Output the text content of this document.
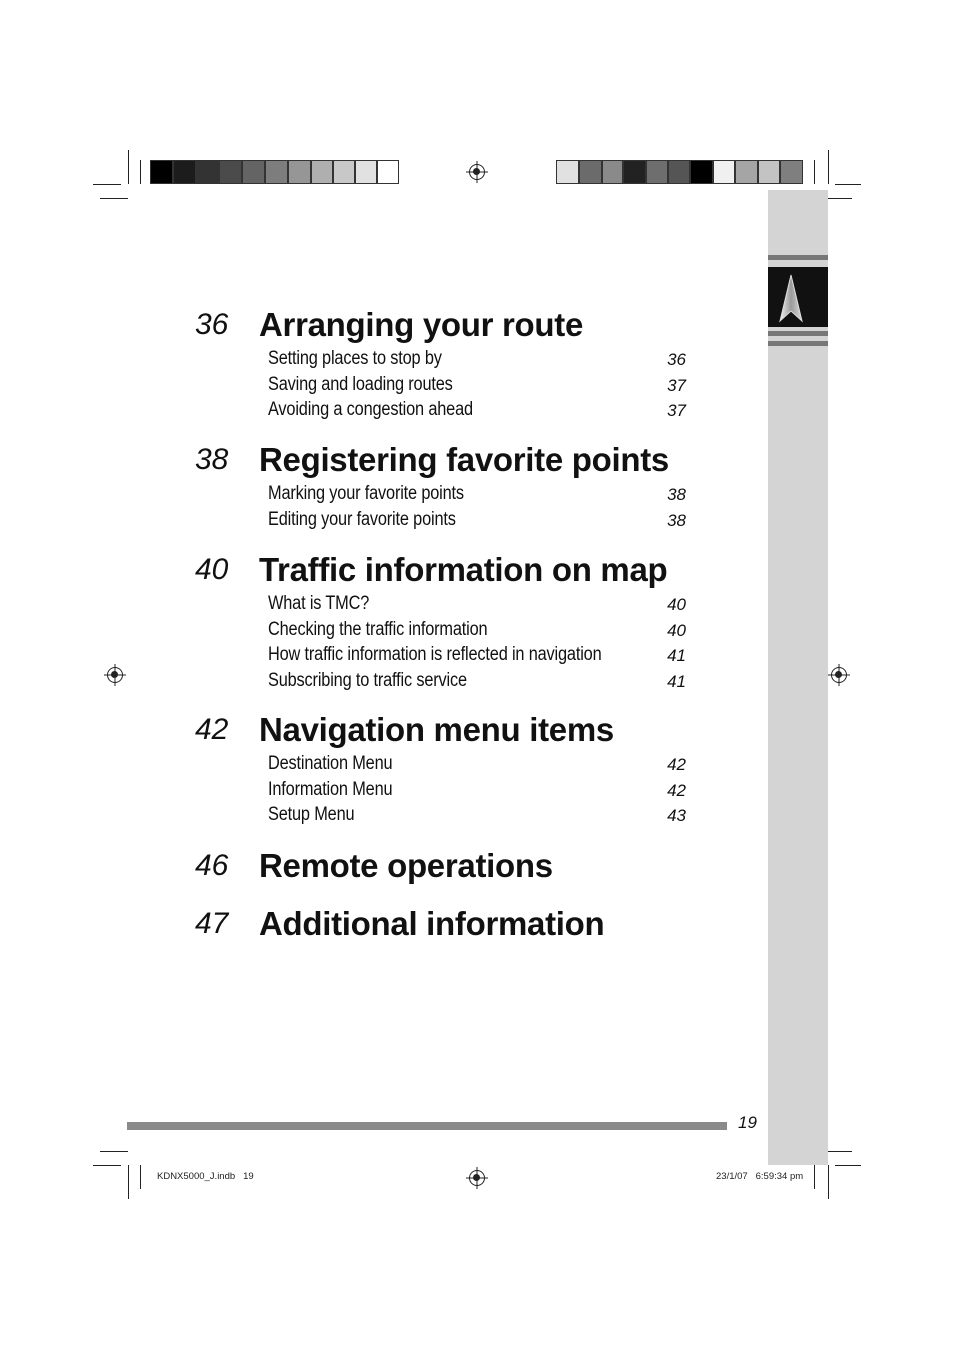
36 Arranging your route
Setting places to stop by	36
Saving and loading routes	37
Avoiding a congestion ahead	37
38 Registering favorite points
Marking your favorite points	38
Editing your favorite points	38
40 Traffic information on map
What is TMC?	40
Checking the traffic information	40
How traffic information is reflected in navigation	41
Subscribing to traffic service	41
42 Navigation menu items
Destination Menu	42
Information Menu	42
Setup Menu	43
46 Remote operations
47 Additional information
19
KDNX5000_J.indb   19	23/1/07   6:59:34 pm
